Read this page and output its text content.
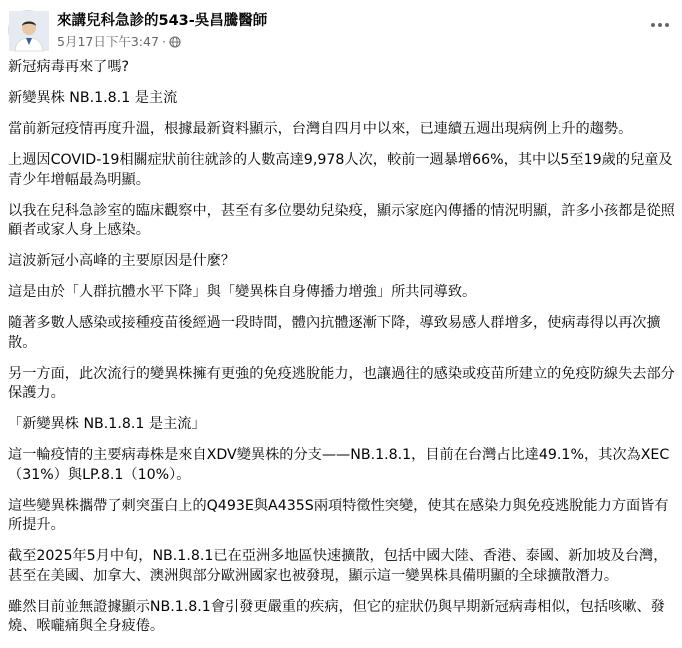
來講兒科急診的543-吳昌騰醫師
5月17日下午3:47 ·

新冠病毒再來了嗎?

新變異株 NB.1.8.1 是主流

當前新冠疫情再度升溫，根據最新資料顯示，台灣自四月中以來，已連續五週出現病例上升的趨勢。

上週因COVID-19相關症狀前往就診的人數高達9,978人次，較前一週暴增66%，其中以5至19歲的兒童及青少年增幅最為明顯。

以我在兒科急診室的臨床觀察中，甚至有多位嬰幼兒染疫，顯示家庭內傳播的情況明顯，許多小孩都是從照顧者或家人身上感染。

這波新冠小高峰的主要原因是什麼？

這是由於「人群抗體水平下降」與「變異株自身傳播力增強」所共同導致。

隨著多數人感染或接種疫苗後經過一段時間，體內抗體逐漸下降，導致易感人群增多，使病毒得以再次擴散。

另一方面，此次流行的變異株擁有更強的免疫逃脫能力，也讓過往的感染或疫苗所建立的免疫防線失去部分保護力。

「新變異株 NB.1.8.1 是主流」

這一輪疫情的主要病毒株是來自XDV變異株的分支——NB.1.8.1，目前在台灣占比達49.1%，其次為XEC（31%）與LP.8.1（10%）。

這些變異株攜帶了刺突蛋白上的Q493E與A435S兩項特徵性突變，使其在感染力與免疫逃脫能力方面皆有所提升。

截至2025年5月中旬，NB.1.8.1已在亞洲多地區快速擴散，包括中國大陸、香港、泰國、新加坡及台灣，甚至在美國、加拿大、澳洲與部分歐洲國家也被發現，顯示這一變異株具備明顯的全球擴散潛力。

雖然目前並無證據顯示NB.1.8.1會引發更嚴重的疾病，但它的症狀仍與早期新冠病毒相似，包括咳嗽、發燒、喉嚨痛與全身疲倦。
